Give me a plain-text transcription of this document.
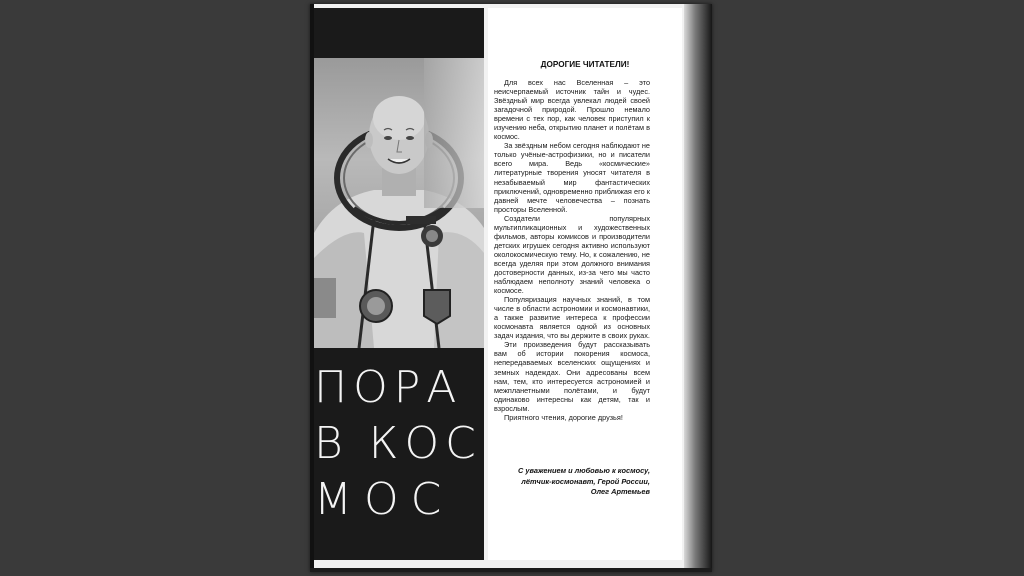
ПОРА
В КОС
МОС
ДОРОГИЕ ЧИТАТЕЛИ!

Для всех нас Вселенная – это неисчерпаемый источник тайн и чудес. Звёздный мир всегда увлекал людей своей загадочной природой. Прошло немало времени с тех пор, как человек приступил к изучению неба, открытию планет и полётам в космос.

За звёздным небом сегодня наблюдают не только учёные-астрофизики, но и писатели всего мира. Ведь «космические» литературные творения уносят читателя в незабываемый мир фантастических приключений, одновременно приближая его к давней мечте человечества – познать просторы Вселенной.

Создатели популярных мультипликационных и художественных фильмов, авторы комиксов и производители детских игрушек сегодня активно используют околокосмическую тему. Но, к сожалению, не всегда уделяя при этом должного внимания достоверности данных, из-за чего мы часто наблюдаем неполноту знаний человека о космосе.

Популяризация научных знаний, в том числе в области астрономии и космонавтики, а также развитие интереса к профессии космонавта является одной из основных задач издания, что вы держите в своих руках.

Эти произведения будут рассказывать вам об истории покорения космоса, непередаваемых вселенских ощущениях и земных надеждах. Они адресованы всем нам, тем, кто интересуется астрономией и межпланетными полётами, и будут одинаково интересны как детям, так и взрослым.

Приятного чтения, дорогие друзья!

С уважением и любовью к космосу,
лётчик-космонавт, Герой России,
Олег Артемьев
